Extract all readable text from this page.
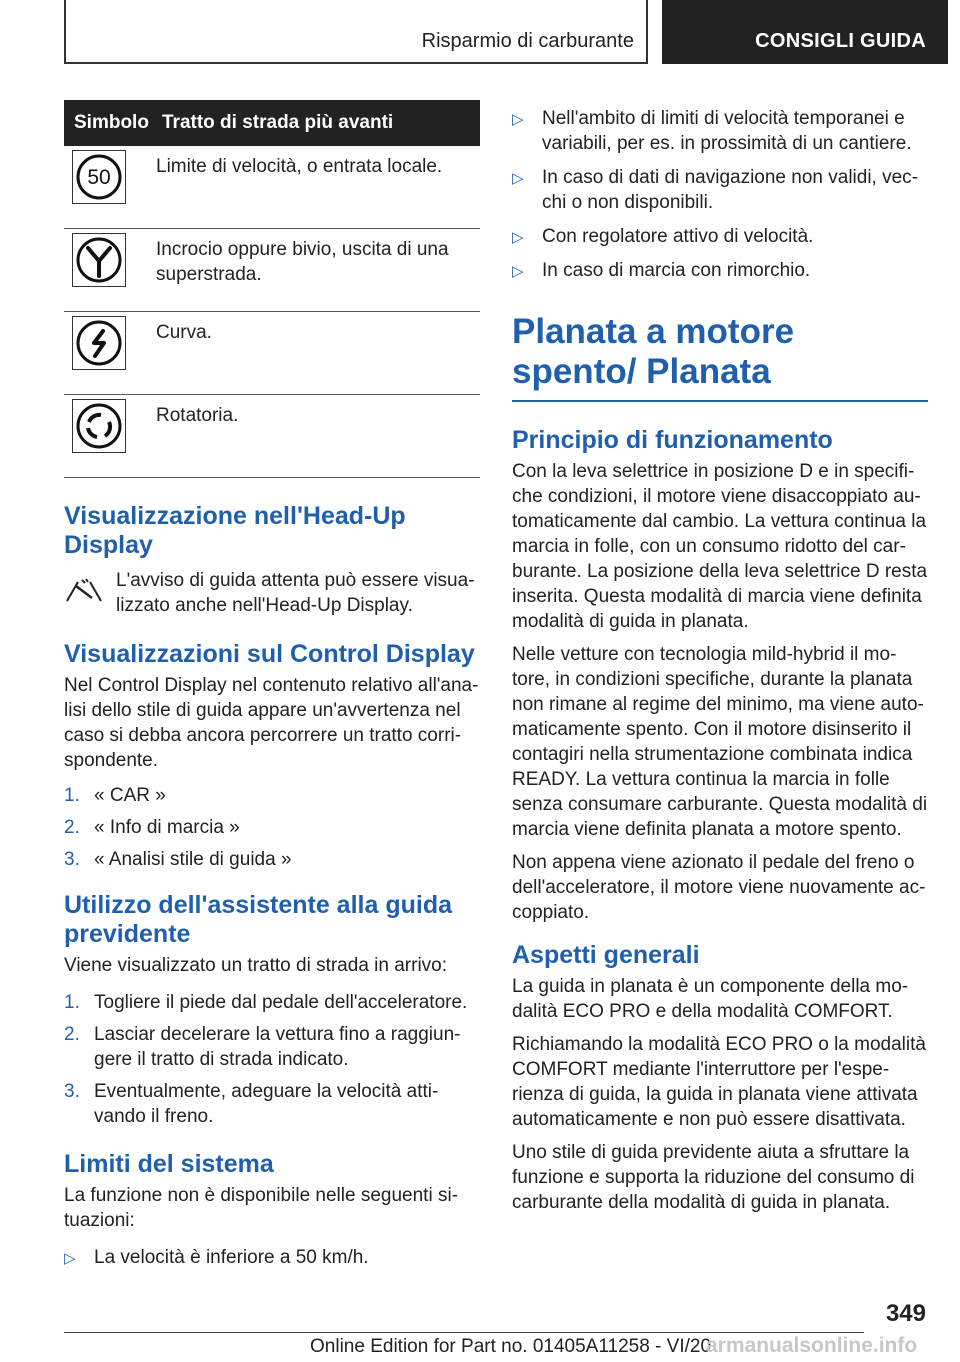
Risparmio di carburante	CONSIGLI GUIDA
Simbolo	Tratto di strada più avanti

50	Limite di velocità, o entrata locale.

	Incrocio oppure bivio, uscita di una superstrada.

	Curva.

	Rotatoria.
Visualizzazione nell'Head-Up Display

L'avviso di guida attenta può essere visualizzato anche nell'Head-Up Display.

Visualizzazioni sul Control Display

Nel Control Display nel contenuto relativo all'analisi dello stile di guida appare un'avvertenza nel caso si debba ancora percorrere un tratto corrispondente.

1. « CAR »
2. « Info di marcia »
3. « Analisi stile di guida »
Utilizzo dell'assistente alla guida previdente

Viene visualizzato un tratto di strada in arrivo:

1. Togliere il piede dal pedale dell'acceleratore.
2. Lasciar decelerare la vettura fino a raggiungere il tratto di strada indicato.
3. Eventualmente, adeguare la velocità attivando il freno.
Limiti del sistema

La funzione non è disponibile nelle seguenti situazioni:

▷ La velocità è inferiore a 50 km/h.
▷ Nell'ambito di limiti di velocità temporanei e variabili, per es. in prossimità di un cantiere.
▷ In caso di dati di navigazione non validi, vecchi o non disponibili.
▷ Con regolatore attivo di velocità.
▷ In caso di marcia con rimorchio.
Planata a motore spento/ Planata
Principio di funzionamento

Con la leva selettrice in posizione D e in specifiche condizioni, il motore viene disaccoppiato automaticamente dal cambio. La vettura continua la marcia in folle, con un consumo ridotto del carburante. La posizione della leva selettrice D resta inserita. Questa modalità di marcia viene definita modalità di guida in planata.

Nelle vetture con tecnologia mild-hybrid il motore, in condizioni specifiche, durante la planata non rimane al regime del minimo, ma viene automaticamente spento. Con il motore disinserito il contagiri nella strumentazione combinata indica READY. La vettura continua la marcia in folle senza consumare carburante. Questa modalità di marcia viene definita planata a motore spento.

Non appena viene azionato il pedale del freno o dell'acceleratore, il motore viene nuovamente accoppiato.

Aspetti generali

La guida in planata è un componente della modalità ECO PRO e della modalità COMFORT.

Richiamando la modalità ECO PRO o la modalità COMFORT mediante l'interruttore per l'esperienza di guida, la guida in planata viene attivata automaticamente e non può essere disattivata.

Uno stile di guida previdente aiuta a sfruttare la funzione e supporta la riduzione del consumo di carburante della modalità di guida in planata.

349
Online Edition for Part no. 01405A11258 - VI/20
armanualsonline.info
